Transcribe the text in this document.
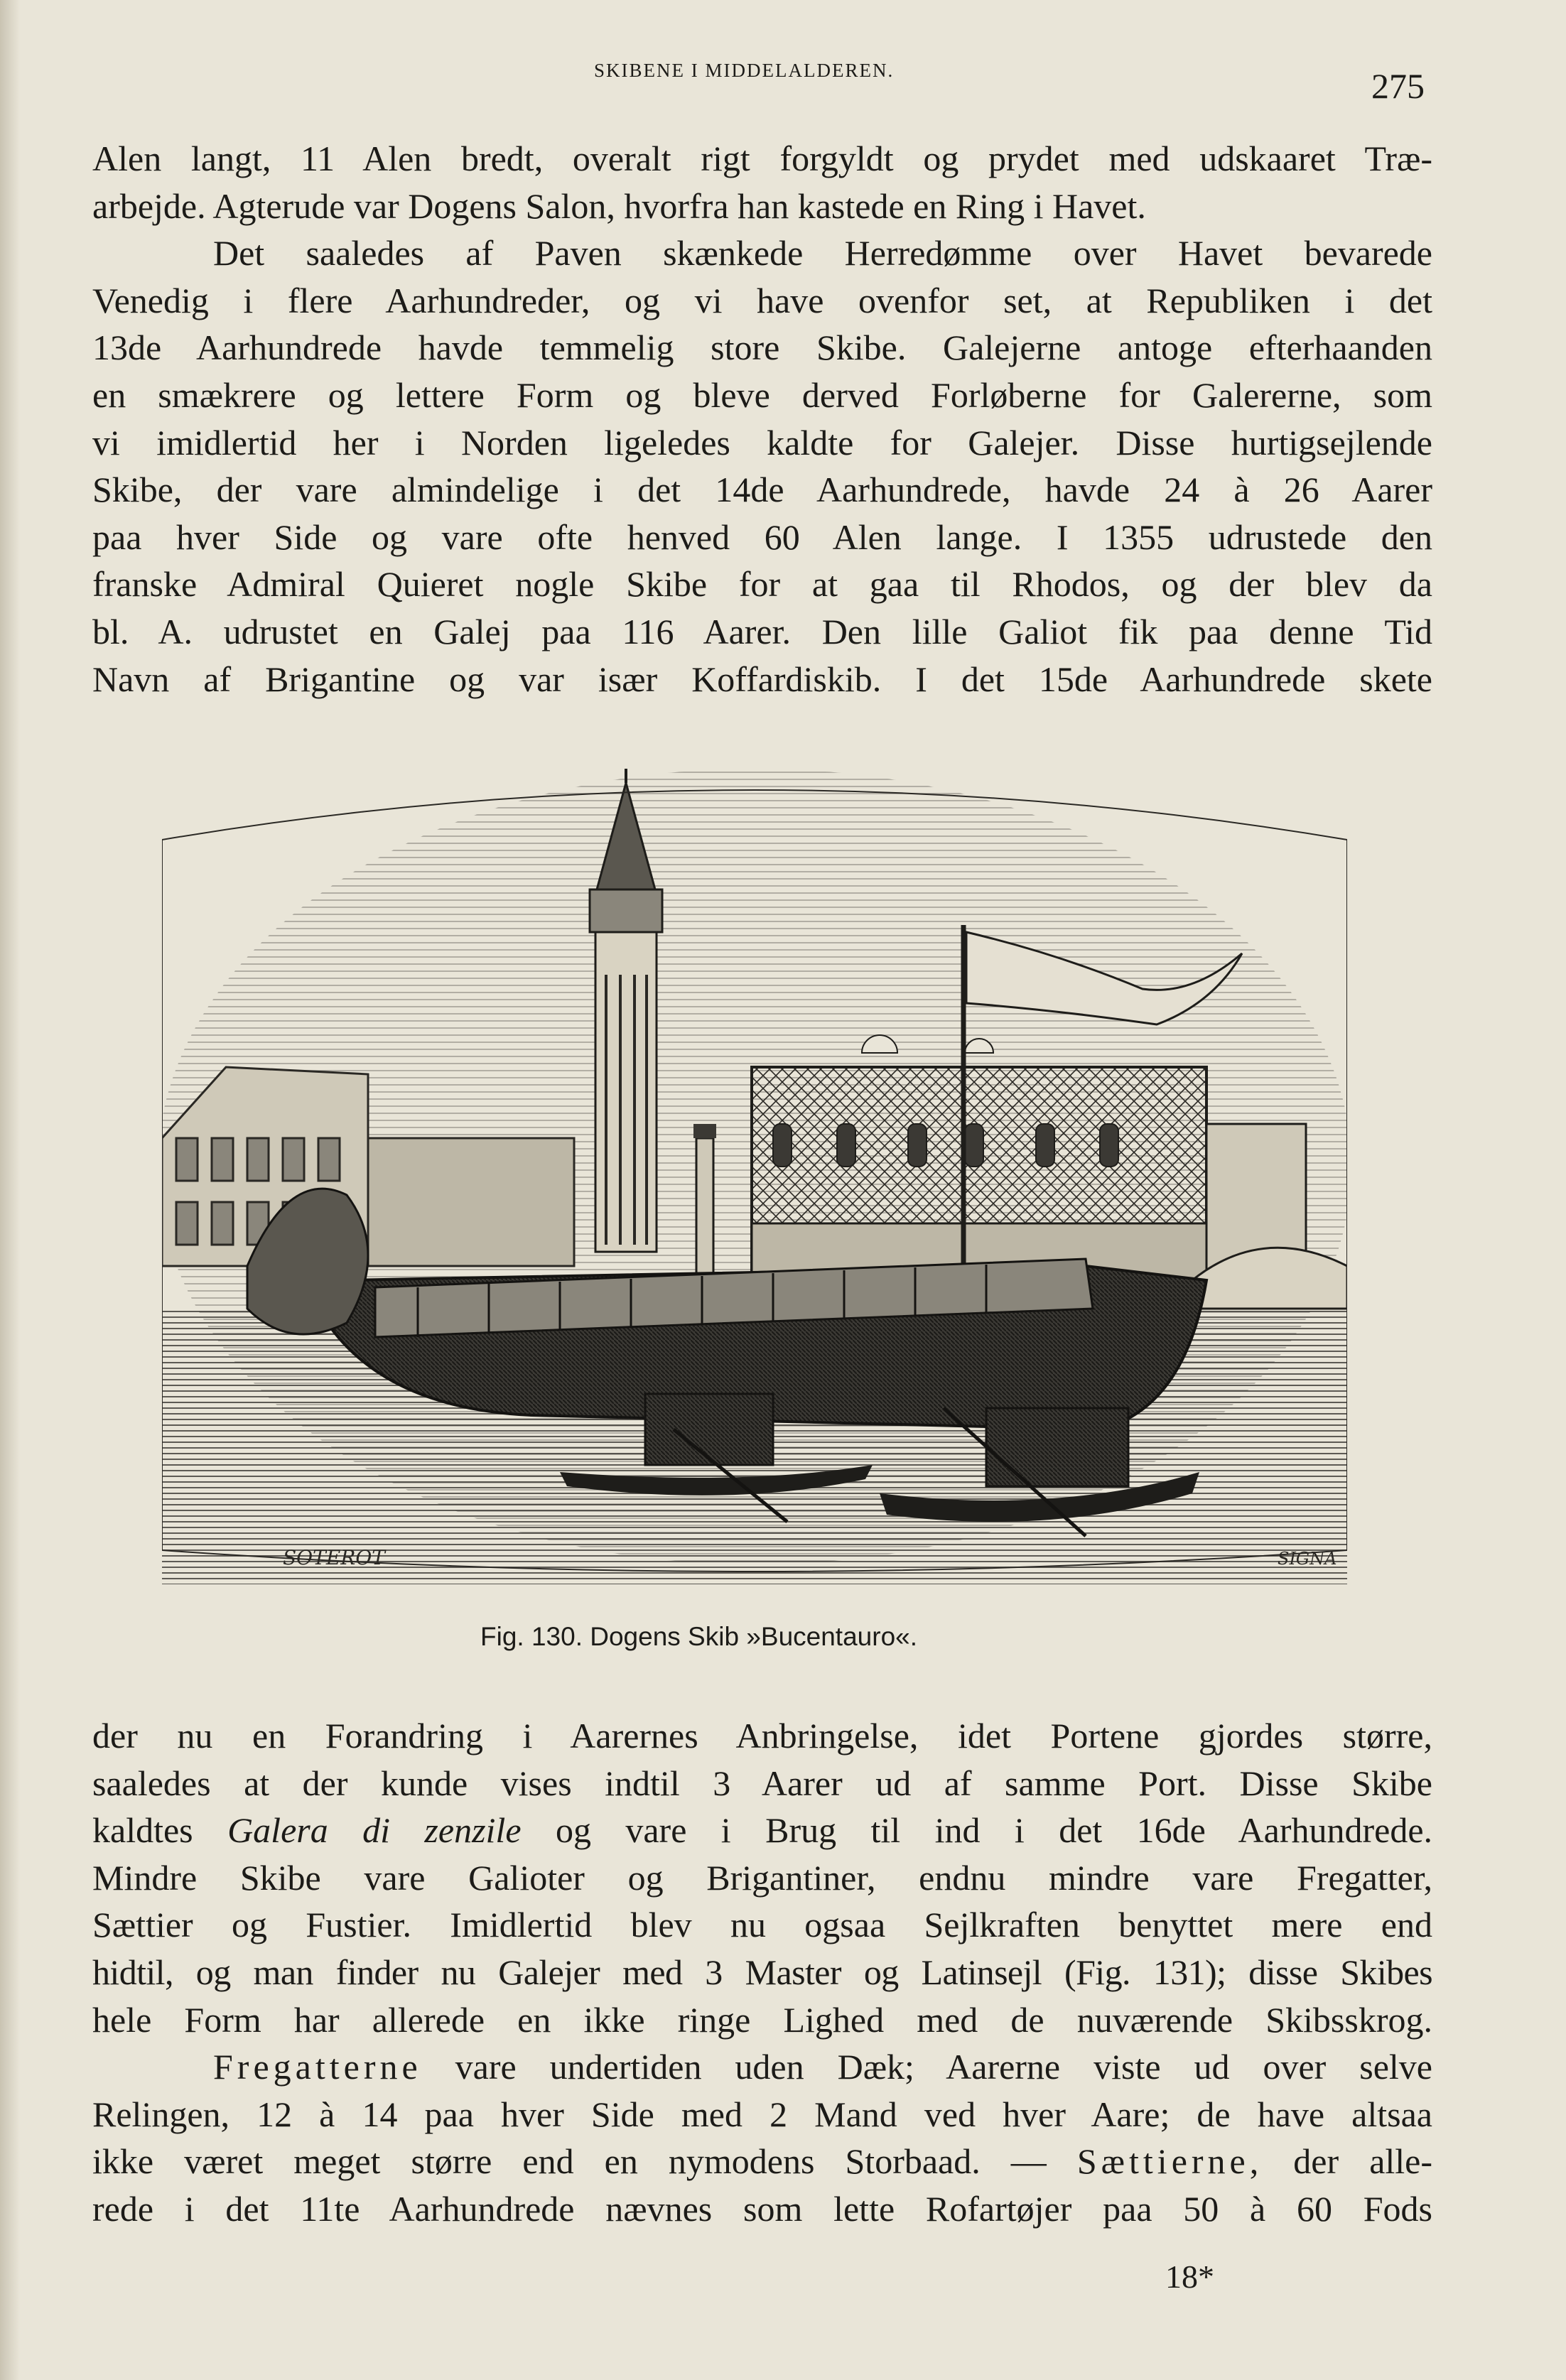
SKIBENE I MIDDELALDEREN.	275
Alen langt, 11 Alen bredt, overalt rigt forgyldt og prydet med udskaaret Træ-
arbejde. Agterude var Dogens Salon, hvorfra han kastede en Ring i Havet.
Det saaledes af Paven skænkede Herredømme over Havet bevarede
Venedig i flere Aarhundreder, og vi have ovenfor set, at Republiken i det
13de Aarhundrede havde temmelig store Skibe. Galejerne antoge efterhaanden
en smækrere og lettere Form og bleve derved Forløberne for Galererne, som
vi imidlertid her i Norden ligeledes kaldte for Galejer. Disse hurtigsejlende
Skibe, der vare almindelige i det 14de Aarhundrede, havde 24 à 26 Aarer
paa hver Side og vare ofte henved 60 Alen lange. I 1355 udrustede den
franske Admiral Quieret nogle Skibe for at gaa til Rhodos, og der blev da
bl. A. udrustet en Galej paa 116 Aarer. Den lille Galiot fik paa denne Tid
Navn af Brigantine og var især Koffardiskib. I det 15de Aarhundrede skete
SOTEROT	SIGNA
Fig. 130. Dogens Skib »Bucentauro«.
der nu en Forandring i Aarernes Anbringelse, idet Portene gjordes større,
saaledes at der kunde vises indtil 3 Aarer ud af samme Port. Disse Skibe
kaldtes Galera di zenzile og vare i Brug til ind i det 16de Aarhundrede.
Mindre Skibe vare Galioter og Brigantiner, endnu mindre vare Fregatter,
Sættier og Fustier. Imidlertid blev nu ogsaa Sejlkraften benyttet mere end
hidtil, og man finder nu Galejer med 3 Master og Latinsejl (Fig. 131); disse Skibes
hele Form har allerede en ikke ringe Lighed med de nuværende Skibsskrog.
Fregatterne vare undertiden uden Dæk; Aarerne viste ud over selve
Relingen, 12 à 14 paa hver Side med 2 Mand ved hver Aare; de have altsaa
ikke været meget større end en nymodens Storbaad. — Sættierne, der alle-
rede i det 11te Aarhundrede nævnes som lette Rofartøjer paa 50 à 60 Fods
18*
